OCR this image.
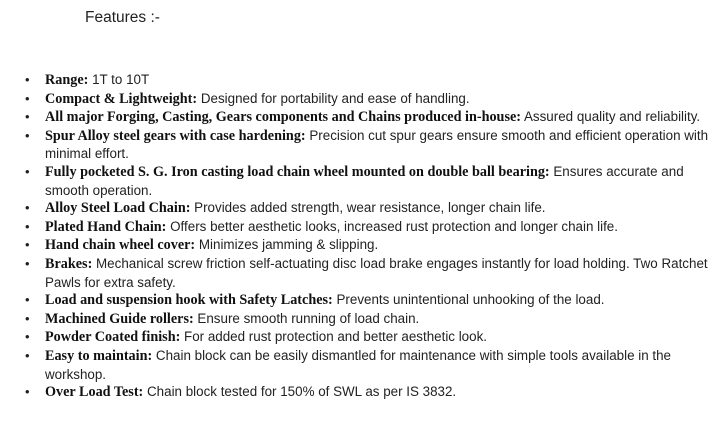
Features :-
• Range: 1T to 10T
• Compact & Lightweight: Designed for portability and ease of handling.
• All major Forging, Casting, Gears components and Chains produced in-house: Assured quality and reliability.
• Spur Alloy steel gears with case hardening: Precision cut spur gears ensure smooth and efficient operation with minimal effort.
• Fully pocketed S. G. Iron casting load chain wheel mounted on double ball bearing: Ensures accurate and smooth operation.
• Alloy Steel Load Chain: Provides added strength, wear resistance, longer chain life.
• Plated Hand Chain: Offers better aesthetic looks, increased rust protection and longer chain life.
• Hand chain wheel cover: Minimizes jamming & slipping.
• Brakes: Mechanical screw friction self-actuating disc load brake engages instantly for load holding. Two Ratchet Pawls for extra safety.
• Load and suspension hook with Safety Latches: Prevents unintentional unhooking of the load.
• Machined Guide rollers: Ensure smooth running of load chain.
• Powder Coated finish: For added rust protection and better aesthetic look.
• Easy to maintain: Chain block can be easily dismantled for maintenance with simple tools available in the workshop.
• Over Load Test: Chain block tested for 150% of SWL as per IS 3832.
